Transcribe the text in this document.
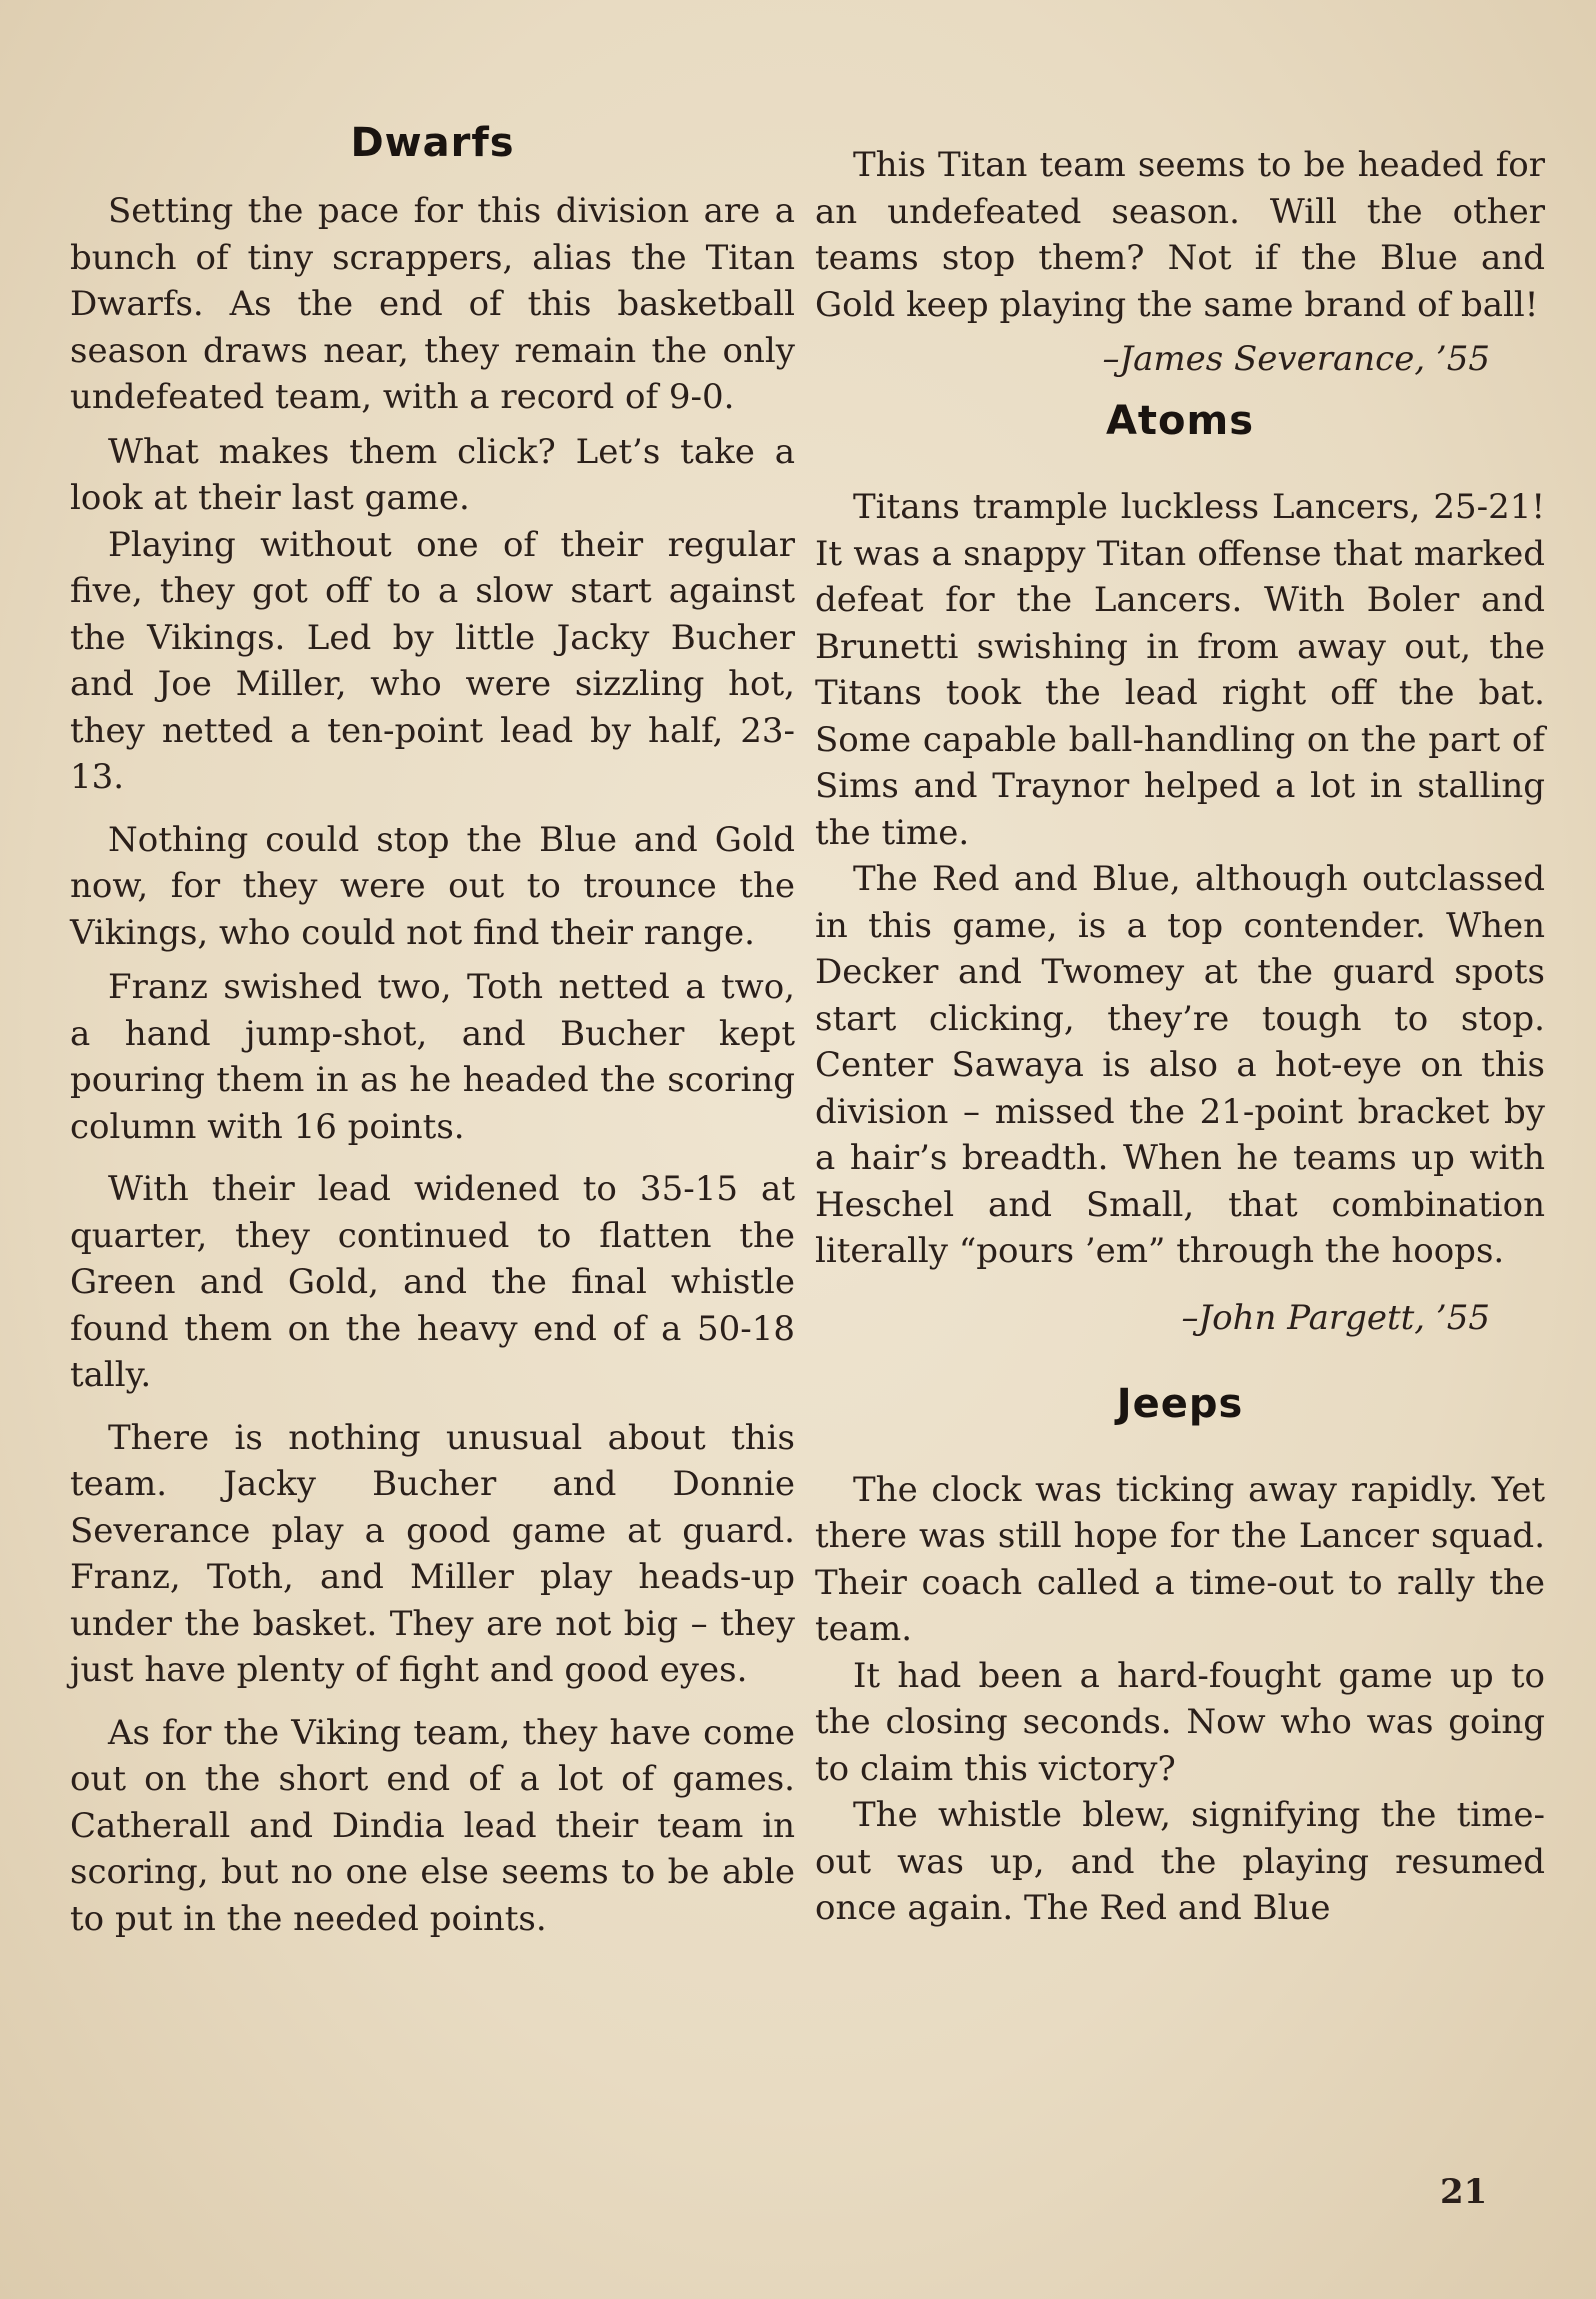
Dwarfs

Setting the pace for this division are a bunch of tiny scrappers, alias the Titan Dwarfs. As the end of this basketball season draws near, they remain the only undefeated team, with a record of 9-0.

What makes them click? Let’s take a look at their last game.

Playing without one of their regular five, they got off to a slow start against the Vikings. Led by little Jacky Bucher and Joe Miller, who were sizzling hot, they netted a ten-point lead by half, 23-13.

Nothing could stop the Blue and Gold now, for they were out to trounce the Vikings, who could not find their range.

Franz swished two, Toth netted a two, a hand jump-shot, and Bucher kept pouring them in as he headed the scoring column with 16 points.

With their lead widened to 35-15 at quarter, they continued to flatten the Green and Gold, and the final whistle found them on the heavy end of a 50-18 tally.

There is nothing unusual about this team. Jacky Bucher and Donnie Severance play a good game at guard. Franz, Toth, and Miller play heads-up under the basket. They are not big – they just have plenty of fight and good eyes.

As for the Viking team, they have come out on the short end of a lot of games. Catherall and Dindia lead their team in scoring, but no one else seems to be able to put in the needed points.

This Titan team seems to be headed for an undefeated season. Will the other teams stop them? Not if the Blue and Gold keep playing the same brand of ball!

–James Severance, ’55

Atoms

Titans trample luckless Lancers, 25-21! It was a snappy Titan offense that marked defeat for the Lancers. With Boler and Brunetti swishing in from away out, the Titans took the lead right off the bat. Some capable ball-handling on the part of Sims and Traynor helped a lot in stalling the time.

The Red and Blue, although outclassed in this game, is a top contender. When Decker and Twomey at the guard spots start clicking, they’re tough to stop. Center Sawaya is also a hot-eye on this division – missed the 21-point bracket by a hair’s breadth. When he teams up with Heschel and Small, that combination literally “pours ’em” through the hoops.

–John Pargett, ’55

Jeeps

The clock was ticking away rapidly. Yet there was still hope for the Lancer squad. Their coach called a time-out to rally the team.

It had been a hard-fought game up to the closing seconds. Now who was going to claim this victory?

The whistle blew, signifying the time-out was up, and the playing resumed once again. The Red and Blue

21
